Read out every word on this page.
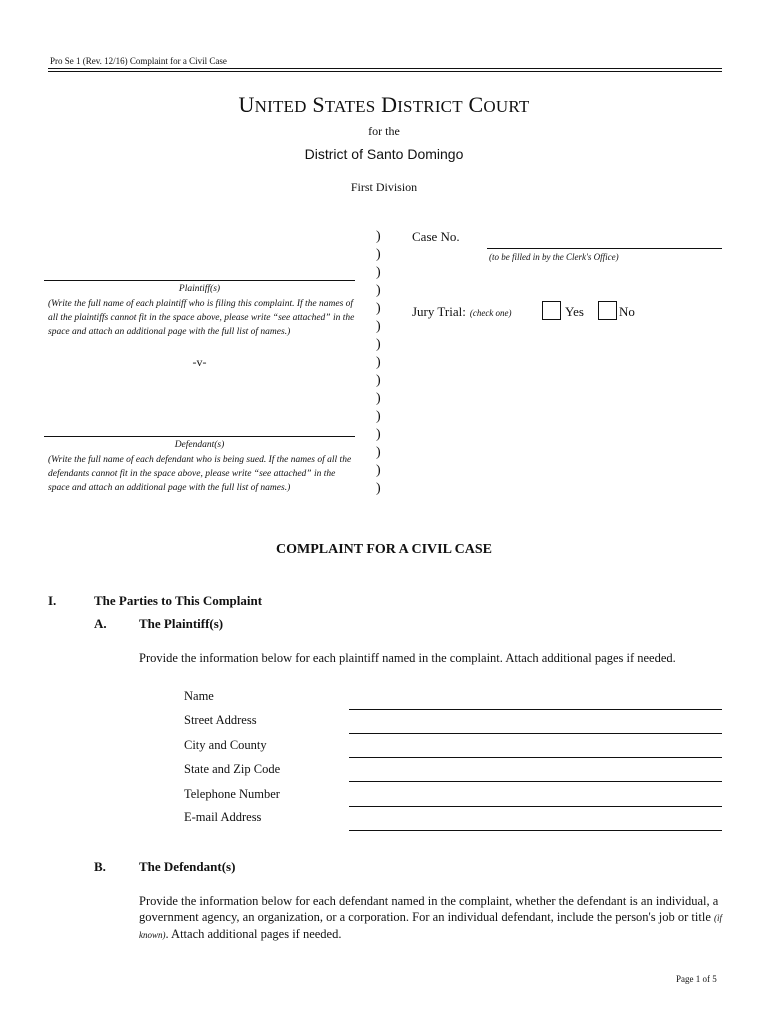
Pro Se 1 (Rev. 12/16) Complaint for a Civil Case
UNITED STATES DISTRICT COURT
for the
District of Santo Domingo
First Division
)
)
)
)
)
)
)
)
)
)
)
)
)
)
)
Plaintiff(s)
(Write the full name of each plaintiff who is filing this complaint. If the names of all the plaintiffs cannot fit in the space above, please write “see attached” in the space and attach an additional page with the full list of names.)
-v-
Defendant(s)
(Write the full name of each defendant who is being sued. If the names of all the defendants cannot fit in the space above, please write “see attached” in the space and attach an additional page with the full list of names.)
Case No.
(to be filled in by the Clerk's Office)
Jury Trial: (check one)	Yes	No
COMPLAINT FOR A CIVIL CASE
I.	The Parties to This Complaint
A. The Plaintiff(s)
Provide the information below for each plaintiff named in the complaint. Attach additional pages if needed.
Name
Street Address
City and County
State and Zip Code
Telephone Number
E-mail Address
B.	The Defendant(s)
Provide the information below for each defendant named in the complaint, whether the defendant is an individual, a government agency, an organization, or a corporation. For an individual defendant, include the person's job or title (if known). Attach additional pages if needed.
Page 1 of 5
